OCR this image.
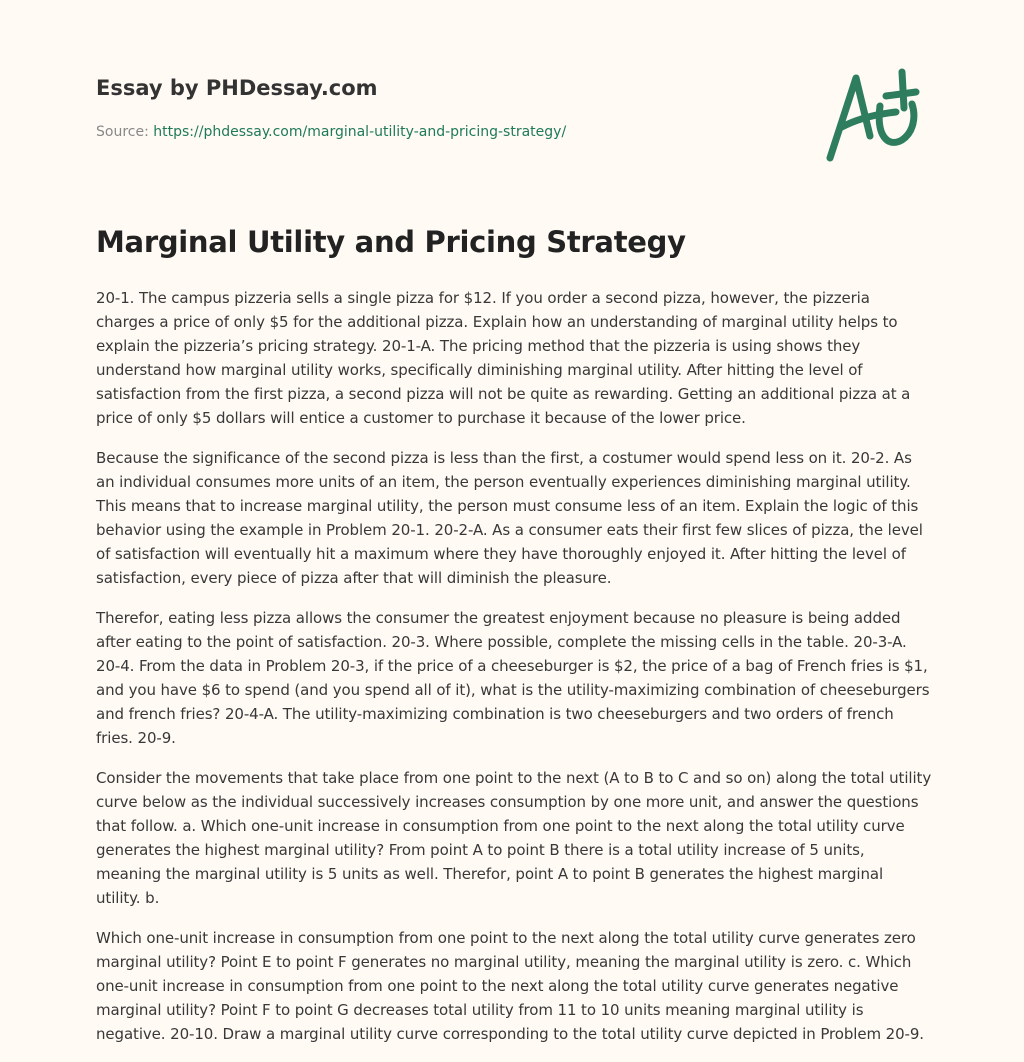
Essay by PHDessay.com
Source: https://phdessay.com/marginal-utility-and-pricing-strategy/
Marginal Utility and Pricing Strategy

20-1. The campus pizzeria sells a single pizza for $12. If you order a second pizza, however, the pizzeria charges a price of only $5 for the additional pizza. Explain how an understanding of marginal utility helps to explain the pizzeria’s pricing strategy. 20-1-A. The pricing method that the pizzeria is using shows they understand how marginal utility works, specifically diminishing marginal utility. After hitting the level of satisfaction from the first pizza, a second pizza will not be quite as rewarding. Getting an additional pizza at a price of only $5 dollars will entice a customer to purchase it because of the lower price.

Because the significance of the second pizza is less than the first, a costumer would spend less on it. 20-2. As an individual consumes more units of an item, the person eventually experiences diminishing marginal utility. This means that to increase marginal utility, the person must consume less of an item. Explain the logic of this behavior using the example in Problem 20-1. 20-2-A. As a consumer eats their first few slices of pizza, the level of satisfaction will eventually hit a maximum where they have thoroughly enjoyed it. After hitting the level of satisfaction, every piece of pizza after that will diminish the pleasure.

Therefor, eating less pizza allows the consumer the greatest enjoyment because no pleasure is being added after eating to the point of satisfaction. 20-3. Where possible, complete the missing cells in the table. 20-3-A. 20-4. From the data in Problem 20-3, if the price of a cheeseburger is $2, the price of a bag of French fries is $1, and you have $6 to spend (and you spend all of it), what is the utility-maximizing combination of cheeseburgers and french fries? 20-4-A. The utility-maximizing combination is two cheeseburgers and two orders of french fries. 20-9.

Consider the movements that take place from one point to the next (A to B to C and so on) along the total utility curve below as the individual successively increases consumption by one more unit, and answer the questions that follow. a. Which one-unit increase in consumption from one point to the next along the total utility curve generates the highest marginal utility? From point A to point B there is a total utility increase of 5 units, meaning the marginal utility is 5 units as well. Therefor, point A to point B generates the highest marginal utility. b.

Which one-unit increase in consumption from one point to the next along the total utility curve generates zero marginal utility? Point E to point F generates no marginal utility, meaning the marginal utility is zero. c. Which one-unit increase in consumption from one point to the next along the total utility curve generates negative marginal utility? Point F to point G decreases total utility from 11 to 10 units meaning marginal utility is negative. 20-10. Draw a marginal utility curve corresponding to the total utility curve depicted in Problem 20-9.
